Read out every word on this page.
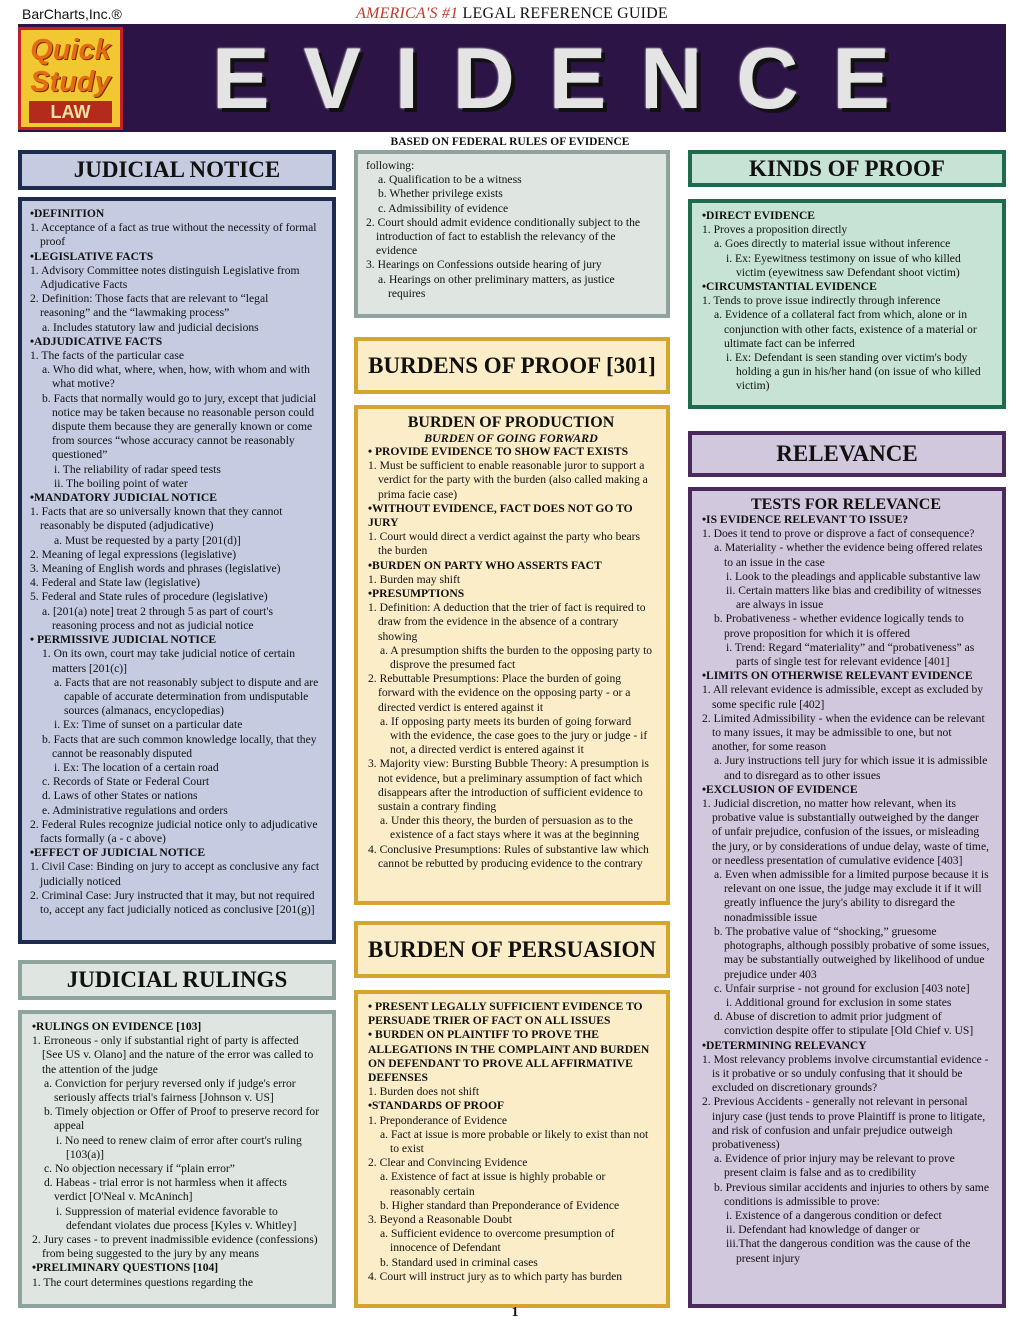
BarCharts,Inc.®	AMERICA'S #1 LEGAL REFERENCE GUIDE
Quick
Study
LAW	EVIDENCE
BASED ON FEDERAL RULES OF EVIDENCE
JUDICIAL NOTICE
•DEFINITION
1. Acceptance of a fact as true without the necessity of formal proof
•LEGISLATIVE FACTS
1. Advisory Committee notes distinguish Legislative from Adjudicative Facts
2. Definition: Those facts that are relevant to “legal reasoning” and the “lawmaking process”
a. Includes statutory law and judicial decisions
•ADJUDICATIVE FACTS
1. The facts of the particular case
a. Who did what, where, when, how, with whom and with what motive?
b. Facts that normally would go to jury, except that judicial notice may be taken because no reasonable person could dispute them because they are generally known or come from sources “whose accuracy cannot be reasonably questioned”
i. The reliability of radar speed tests
ii. The boiling point of water
•MANDATORY JUDICIAL NOTICE
1. Facts that are so universally known that they cannot reasonably be disputed (adjudicative)
a. Must be requested by a party [201(d)]
2. Meaning of legal expressions (legislative)
3. Meaning of English words and phrases (legislative)
4. Federal and State law (legislative)
5. Federal and State rules of procedure (legislative)
a. [201(a) note] treat 2 through 5 as part of court's reasoning process and not as judicial notice
• PERMISSIVE JUDICIAL NOTICE
1. On its own, court may take judicial notice of certain matters [201(c)]
a. Facts that are not reasonably subject to dispute and are capable of accurate determination from undisputable sources (almanacs, encyclopedias)
i. Ex: Time of sunset on a particular date
b. Facts that are such common knowledge locally, that they cannot be reasonably disputed
i. Ex: The location of a certain road
c. Records of State or Federal Court
d. Laws of other States or nations
e. Administrative regulations and orders
2. Federal Rules recognize judicial notice only to adjudicative facts formally (a - c above)
•EFFECT OF JUDICIAL NOTICE
1. Civil Case: Binding on jury to accept as conclusive any fact judicially noticed
2. Criminal Case: Jury instructed that it may, but not required to, accept any fact judicially noticed as conclusive [201(g)]
JUDICIAL RULINGS
•RULINGS ON EVIDENCE [103]
1. Erroneous - only if substantial right of party is affected [See US v. Olano] and the nature of the error was called to the attention of the judge
a. Conviction for perjury reversed only if judge's error seriously affects trial's fairness [Johnson v. US]
b. Timely objection or Offer of Proof to preserve record for appeal
i. No need to renew claim of error after court's ruling [103(a)]
c. No objection necessary if “plain error”
d. Habeas - trial error is not harmless when it affects verdict [O'Neal v. McAninch]
i. Suppression of material evidence favorable to defendant violates due process [Kyles v. Whitley]
2. Jury cases - to prevent inadmissible evidence (confessions) from being suggested to the jury by any means
•PRELIMINARY QUESTIONS [104]
1. The court determines questions regarding the
following:
a. Qualification to be a witness
b. Whether privilege exists
c. Admissibility of evidence
2. Court should admit evidence conditionally subject to the introduction of fact to establish the relevancy of the evidence
3. Hearings on Confessions outside hearing of jury
a. Hearings on other preliminary matters, as justice requires
BURDENS OF PROOF [301]
BURDEN OF PRODUCTION
BURDEN OF GOING FORWARD
• PROVIDE EVIDENCE TO SHOW FACT EXISTS
1. Must be sufficient to enable reasonable juror to support a verdict for the party with the burden (also called making a prima facie case)
•WITHOUT EVIDENCE, FACT DOES NOT GO TO JURY
1. Court would direct a verdict against the party who bears the burden
•BURDEN ON PARTY WHO ASSERTS FACT
1. Burden may shift
•PRESUMPTIONS
1. Definition: A deduction that the trier of fact is required to draw from the evidence in the absence of a contrary showing
a. A presumption shifts the burden to the opposing party to disprove the presumed fact
2. Rebuttable Presumptions: Place the burden of going forward with the evidence on the opposing party - or a directed verdict is entered against it
a. If opposing party meets its burden of going forward with the evidence, the case goes to the jury or judge - if not, a directed verdict is entered against it
3. Majority view: Bursting Bubble Theory: A presumption is not evidence, but a preliminary assumption of fact which disappears after the introduction of sufficient evidence to sustain a contrary finding
a. Under this theory, the burden of persuasion as to the existence of a fact stays where it was at the beginning
4. Conclusive Presumptions: Rules of substantive law which cannot be rebutted by producing evidence to the contrary
BURDEN OF PERSUASION
• PRESENT LEGALLY SUFFICIENT EVIDENCE TO PERSUADE TRIER OF FACT ON ALL ISSUES
• BURDEN ON PLAINTIFF TO PROVE THE ALLEGATIONS IN THE COMPLAINT AND BURDEN ON DEFENDANT TO PROVE ALL AFFIRMATIVE DEFENSES
1. Burden does not shift
•STANDARDS OF PROOF
1. Preponderance of Evidence
a. Fact at issue is more probable or likely to exist than not to exist
2. Clear and Convincing Evidence
a. Existence of fact at issue is highly probable or reasonably certain
b. Higher standard than Preponderance of Evidence
3. Beyond a Reasonable Doubt
a. Sufficient evidence to overcome presumption of innocence of Defendant
b. Standard used in criminal cases
4. Court will instruct jury as to which party has burden
KINDS OF PROOF
•DIRECT EVIDENCE
1. Proves a proposition directly
a. Goes directly to material issue without inference
i. Ex: Eyewitness testimony on issue of who killed victim (eyewitness saw Defendant shoot victim)
•CIRCUMSTANTIAL EVIDENCE
1. Tends to prove issue indirectly through inference
a. Evidence of a collateral fact from which, alone or in conjunction with other facts, existence of a material or ultimate fact can be inferred
i. Ex: Defendant is seen standing over victim's body holding a gun in his/her hand (on issue of who killed victim)
RELEVANCE
TESTS FOR RELEVANCE
•IS EVIDENCE RELEVANT TO ISSUE?
1. Does it tend to prove or disprove a fact of consequence?
a. Materiality - whether the evidence being offered relates to an issue in the case
i. Look to the pleadings and applicable substantive law
ii. Certain matters like bias and credibility of witnesses are always in issue
b. Probativeness - whether evidence logically tends to prove proposition for which it is offered
i. Trend: Regard “materiality” and “probativeness” as parts of single test for relevant evidence [401]
•LIMITS ON OTHERWISE RELEVANT EVIDENCE
1. All relevant evidence is admissible, except as excluded by some specific rule [402]
2. Limited Admissibility - when the evidence can be relevant to many issues, it may be admissible to one, but not another, for some reason
a. Jury instructions tell jury for which issue it is admissible and to disregard as to other issues
•EXCLUSION OF EVIDENCE
1. Judicial discretion, no matter how relevant, when its probative value is substantially outweighed by the danger of unfair prejudice, confusion of the issues, or misleading the jury, or by considerations of undue delay, waste of time, or needless presentation of cumulative evidence [403]
a. Even when admissible for a limited purpose because it is relevant on one issue, the judge may exclude it if it will greatly influence the jury's ability to disregard the nonadmissible issue
b. The probative value of “shocking,” gruesome photographs, although possibly probative of some issues, may be substantially outweighed by likelihood of undue prejudice under 403
c. Unfair surprise - not ground for exclusion [403 note]
i. Additional ground for exclusion in some states
d. Abuse of discretion to admit prior judgment of conviction despite offer to stipulate [Old Chief v. US]
•DETERMINING RELEVANCY
1. Most relevancy problems involve circumstantial evidence - is it probative or so unduly confusing that it should be excluded on discretionary grounds?
2. Previous Accidents - generally not relevant in personal injury case (just tends to prove Plaintiff is prone to litigate, and risk of confusion and unfair prejudice outweigh probativeness)
a. Evidence of prior injury may be relevant to prove present claim is false and as to credibility
b. Previous similar accidents and injuries to others by same conditions is admissible to prove:
i. Existence of a dangerous condition or defect
ii. Defendant had knowledge of danger or
iii.That the dangerous condition was the cause of the present injury
1
